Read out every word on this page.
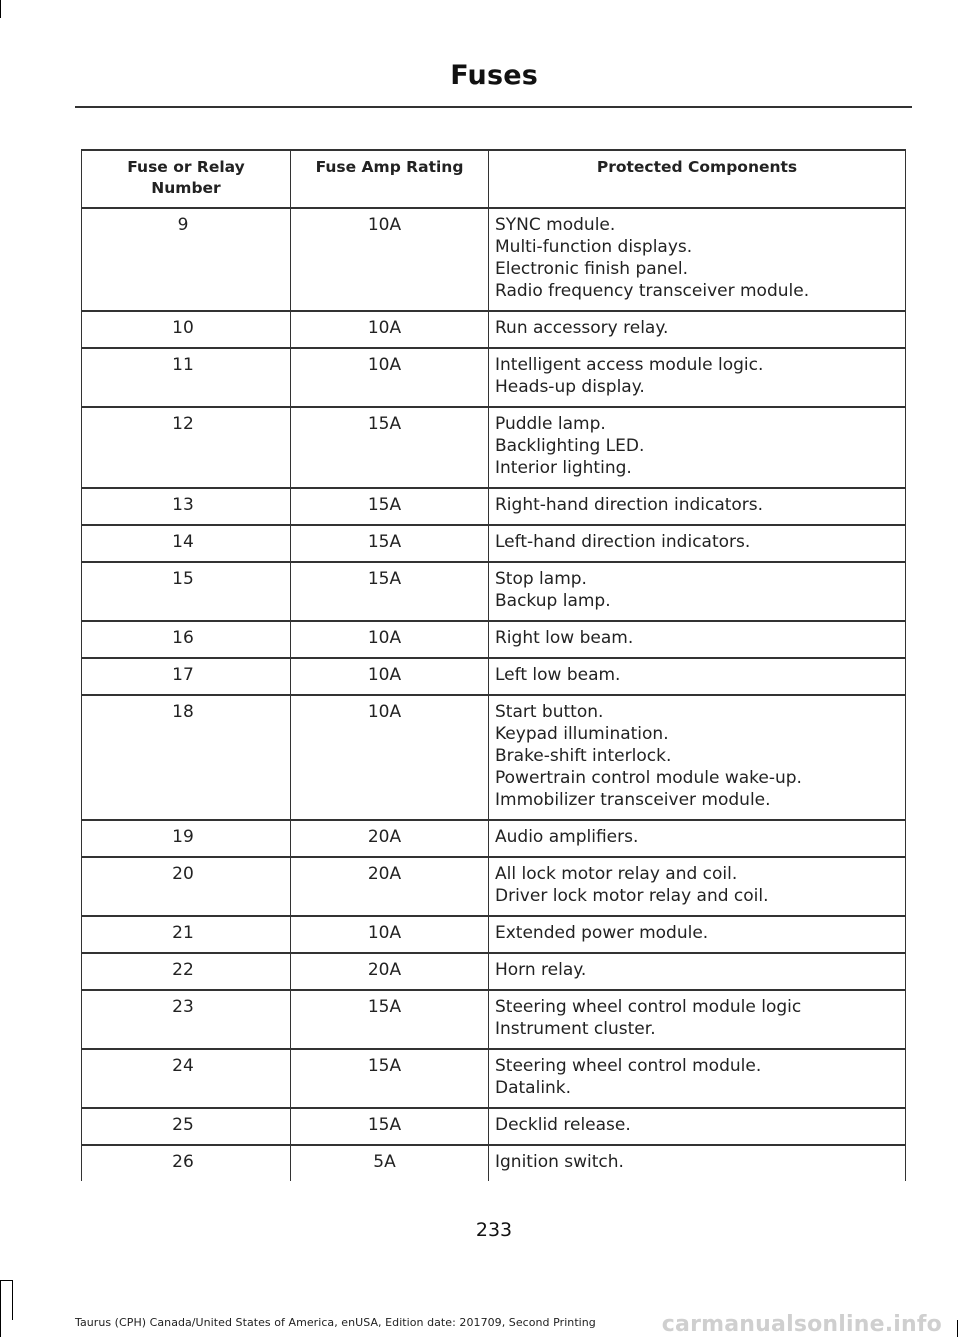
Fuses
Fuse or Relay
Number	Fuse Amp Rating	Protected Components

9	10A	SYNC module.
Multi-function displays.
Electronic finish panel.
Radio frequency transceiver module.

10	10A	Run accessory relay.

11	10A	Intelligent access module logic.
Heads-up display.

12	15A	Puddle lamp.
Backlighting LED.
Interior lighting.

13	15A	Right-hand direction indicators.

14	15A	Left-hand direction indicators.

15	15A	Stop lamp.
Backup lamp.

16	10A	Right low beam.

17	10A	Left low beam.

18	10A	Start button.
Keypad illumination.
Brake-shift interlock.
Powertrain control module wake-up.
Immobilizer transceiver module.

19	20A	Audio amplifiers.

20	20A	All lock motor relay and coil.
Driver lock motor relay and coil.

21	10A	Extended power module.

22	20A	Horn relay.

23	15A	Steering wheel control module logic
Instrument cluster.

24	15A	Steering wheel control module.
Datalink.

25	15A	Decklid release.

26	5A	Ignition switch.
233
Taurus (CPH) Canada/United States of America, enUSA, Edition date: 201709, Second Printing	carmanualsonline.info
